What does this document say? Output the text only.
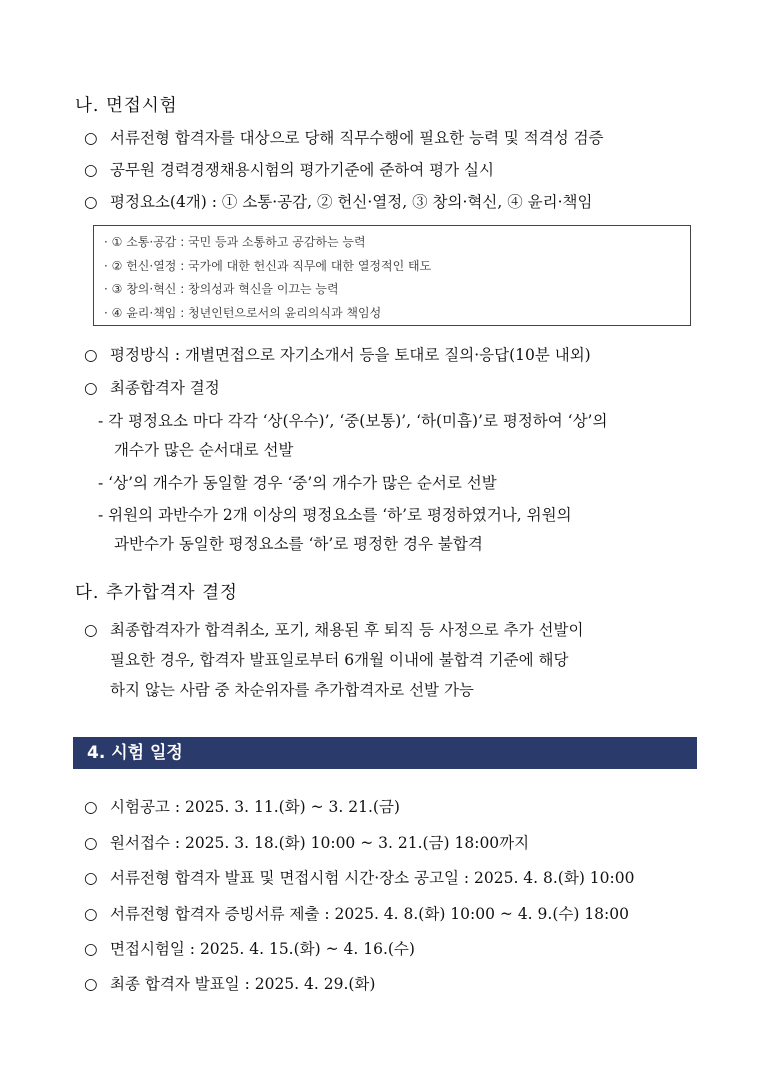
나. 면접시험
○ 서류전형 합격자를 대상으로 당해 직무수행에 필요한 능력 및 적격성 검증
○ 공무원 경력경쟁채용시험의 평가기준에 준하여 평가 실시
○ 평정요소(4개) : ① 소통·공감, ② 헌신·열정, ③ 창의·혁신, ④ 윤리·책임
· ① 소통·공감 : 국민 등과 소통하고 공감하는 능력
· ② 헌신·열정 : 국가에 대한 헌신과 직무에 대한 열정적인 태도
· ③ 창의·혁신 : 창의성과 혁신을 이끄는 능력
· ④ 윤리·책임 : 청년인턴으로서의 윤리의식과 책임성
○ 평정방식 : 개별면접으로 자기소개서 등을 토대로 질의·응답(10분 내외)
○ 최종합격자 결정
- 각 평정요소 마다 각각 ‘상(우수)’, ‘중(보통)’, ‘하(미흡)’로 평정하여 ‘상’의
개수가 많은 순서대로 선발
- ‘상’의 개수가 동일할 경우 ‘중’의 개수가 많은 순서로 선발
- 위원의 과반수가 2개 이상의 평정요소를 ‘하’로 평정하였거나, 위원의
과반수가 동일한 평정요소를 ‘하’로 평정한 경우 불합격
다. 추가합격자 결정
○ 최종합격자가 합격취소, 포기, 채용된 후 퇴직 등 사정으로 추가 선발이
필요한 경우, 합격자 발표일로부터 6개월 이내에 불합격 기준에 해당
하지 않는 사람 중 차순위자를 추가합격자로 선발 가능
4. 시험 일정
○ 시험공고 : 2025. 3. 11.(화) ~ 3. 21.(금)
○ 원서접수 : 2025. 3. 18.(화) 10:00 ~ 3. 21.(금) 18:00까지
○ 서류전형 합격자 발표 및 면접시험 시간·장소 공고일 : 2025. 4. 8.(화) 10:00
○ 서류전형 합격자 증빙서류 제출 : 2025. 4. 8.(화) 10:00 ~ 4. 9.(수) 18:00
○ 면접시험일 : 2025. 4. 15.(화) ~ 4. 16.(수)
○ 최종 합격자 발표일 : 2025. 4. 29.(화)
